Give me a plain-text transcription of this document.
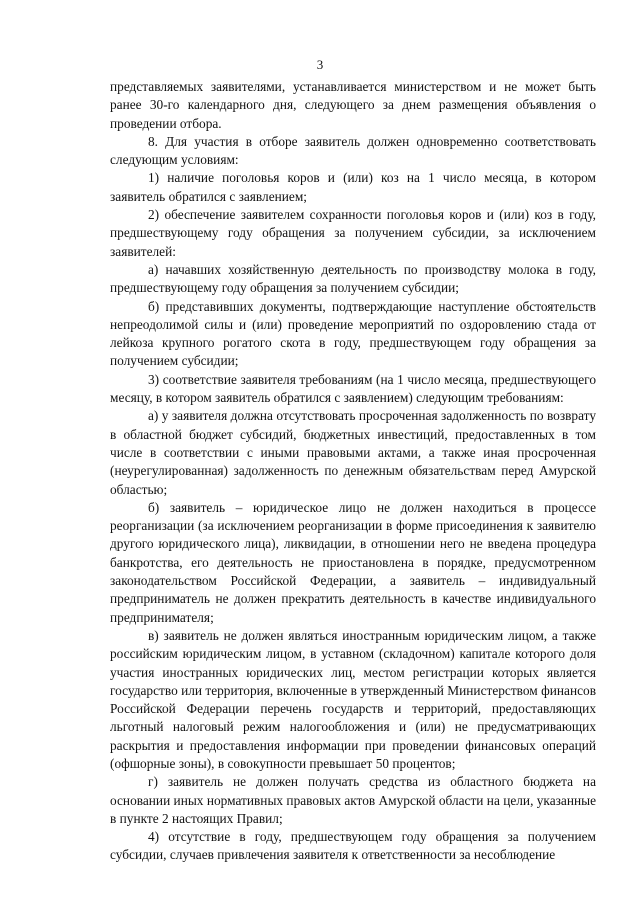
3

представляемых заявителями, устанавливается министерством и не может быть ранее 30-го календарного дня, следующего за днем размещения объявления о проведении отбора.

8. Для участия в отборе заявитель должен одновременно соответствовать следующим условиям:

1) наличие поголовья коров и (или) коз на 1 число месяца, в котором заявитель обратился с заявлением;

2) обеспечение заявителем сохранности поголовья коров и (или) коз в году, предшествующему году обращения за получением субсидии, за исключением заявителей:

а) начавших хозяйственную деятельность по производству молока в году, предшествующему году обращения за получением субсидии;

б) представивших документы, подтверждающие наступление обстоятельств непреодолимой силы и (или) проведение мероприятий по оздоровлению стада от лейкоза крупного рогатого скота в году, предшествующем году обращения за получением субсидии;

3) соответствие заявителя требованиям (на 1 число месяца, предшествующего месяцу, в котором заявитель обратился с заявлением) следующим требованиям:

а) у заявителя должна отсутствовать просроченная задолженность по возврату в областной бюджет субсидий, бюджетных инвестиций, предоставленных в том числе в соответствии с иными правовыми актами, а также иная просроченная (неурегулированная) задолженность по денежным обязательствам перед Амурской областью;

б) заявитель – юридическое лицо не должен находиться в процессе реорганизации (за исключением реорганизации в форме присоединения к заявителю другого юридического лица), ликвидации, в отношении него не введена процедура банкротства, его деятельность не приостановлена в порядке, предусмотренном законодательством Российской Федерации, а заявитель – индивидуальный предприниматель не должен прекратить деятельность в качестве индивидуального предпринимателя;

в) заявитель не должен являться иностранным юридическим лицом, а также российским юридическим лицом, в уставном (складочном) капитале которого доля участия иностранных юридических лиц, местом регистрации которых является государство или территория, включенные в утвержденный Министерством финансов Российской Федерации перечень государств и территорий, предоставляющих льготный налоговый режим налогообложения и (или) не предусматривающих раскрытия и предоставления информации при проведении финансовых операций (офшорные зоны), в совокупности превышает 50 процентов;

г) заявитель не должен получать средства из областного бюджета на основании иных нормативных правовых актов Амурской области на цели, указанные в пункте 2 настоящих Правил;

4) отсутствие в году, предшествующем году обращения за получением субсидии, случаев привлечения заявителя к ответственности за несоблюдение
